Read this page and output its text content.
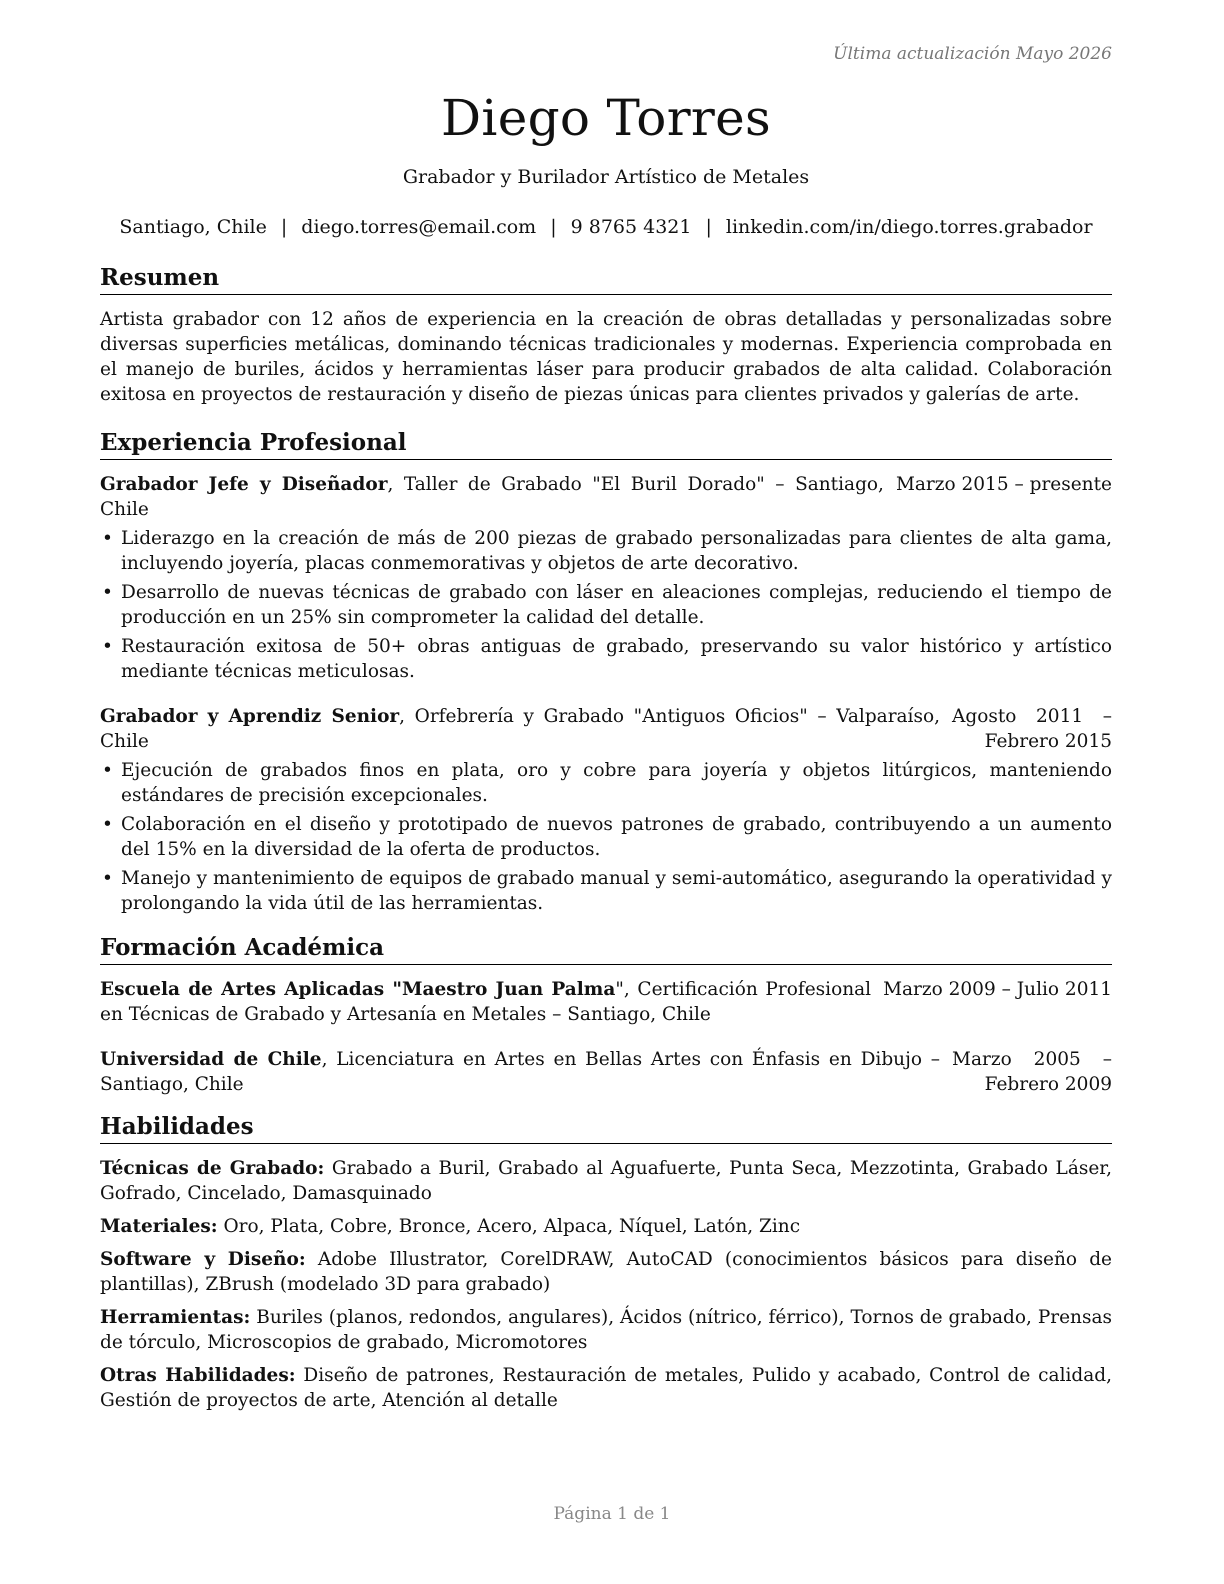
Última actualización Mayo 2026
Diego Torres
Grabador y Burilador Artístico de Metales
Santiago, Chile | diego.torres@email.com | 9 8765 4321 | linkedin.com/in/diego.torres.grabador
Resumen

Artista grabador con 12 años de experiencia en la creación de obras detalladas y personalizadas sobre diversas superficies metálicas, dominando técnicas tradicionales y modernas. Experiencia comprobada en el manejo de buriles, ácidos y herramientas láser para producir grabados de alta calidad. Colaboración exitosa en proyectos de restauración y diseño de piezas únicas para clientes privados y galerías de arte.

Experiencia Profesional
Grabador Jefe y Diseñador, Taller de Grabado "El Buril Dorado" – Santiago, Chile
Marzo 2015 – presente
• Liderazgo en la creación de más de 200 piezas de grabado personalizadas para clientes de alta gama, incluyendo joyería, placas conmemorativas y objetos de arte decorativo.
• Desarrollo de nuevas técnicas de grabado con láser en aleaciones complejas, reduciendo el tiempo de producción en un 25% sin comprometer la calidad del detalle.
• Restauración exitosa de 50+ obras antiguas de grabado, preservando su valor histórico y artístico mediante técnicas meticulosas.
Grabador y Aprendiz Senior, Orfebrería y Grabado "Antiguos Oficios" – Valparaíso, Chile
Agosto 2011 – Febrero 2015
• Ejecución de grabados finos en plata, oro y cobre para joyería y objetos litúrgicos, manteniendo estándares de precisión excepcionales.
• Colaboración en el diseño y prototipado de nuevos patrones de grabado, contribuyendo a un aumento del 15% en la diversidad de la oferta de productos.
• Manejo y mantenimiento de equipos de grabado manual y semi-automático, asegurando la operatividad y prolongando la vida útil de las herramientas.
Formación Académica
Escuela de Artes Aplicadas "Maestro Juan Palma", Certificación Profesional en Técnicas de Grabado y Artesanía en Metales – Santiago, Chile
Marzo 2009 – Julio 2011
Universidad de Chile, Licenciatura en Artes en Bellas Artes con Énfasis en Dibujo – Santiago, Chile
Marzo 2005 – Febrero 2009
Habilidades

Técnicas de Grabado: Grabado a Buril, Grabado al Aguafuerte, Punta Seca, Mezzotinta, Grabado Láser, Gofrado, Cincelado, Damasquinado

Materiales: Oro, Plata, Cobre, Bronce, Acero, Alpaca, Níquel, Latón, Zinc

Software y Diseño: Adobe Illustrator, CorelDRAW, AutoCAD (conocimientos básicos para diseño de plantillas), ZBrush (modelado 3D para grabado)

Herramientas: Buriles (planos, redondos, angulares), Ácidos (nítrico, férrico), Tornos de grabado, Prensas de tórculo, Microscopios de grabado, Micromotores

Otras Habilidades: Diseño de patrones, Restauración de metales, Pulido y acabado, Control de calidad, Gestión de proyectos de arte, Atención al detalle

Página 1 de 1
